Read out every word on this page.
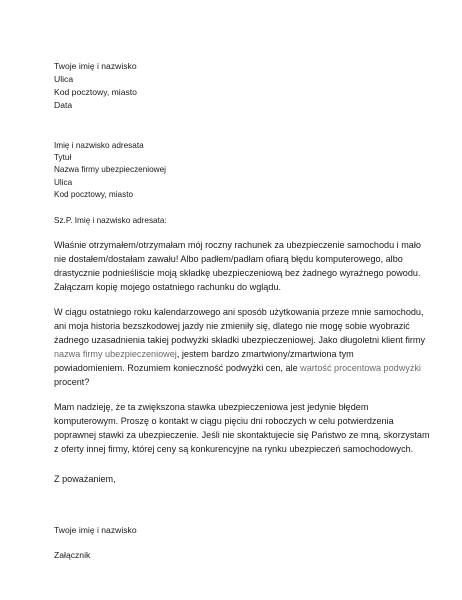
Twoje imię i nazwisko
Ulica
Kod pocztowy, miasto
Data
Imię i nazwisko adresata
Tytuł
Nazwa firmy ubezpieczeniowej
Ulica
Kod pocztowy, miasto
Sz.P. Imię i nazwisko adresata:
Właśnie otrzymałem/otrzymałam mój roczny rachunek za ubezpieczenie samochodu i mało
nie dostałem/dostałam zawału! Albo padłem/padłam ofiarą błędu komputerowego, albo
drastycznie podnieśliście moją składkę ubezpieczeniową bez żadnego wyraźnego powodu.
Załączam kopię mojego ostatniego rachunku do wglądu.
W ciągu ostatniego roku kalendarzowego ani sposób użytkowania przeze mnie samochodu,
ani moja historia bezszkodowej jazdy nie zmieniły się, dlatego nie mogę sobie wyobrazić
żadnego uzasadnienia takiej podwyżki składki ubezpieczeniowej. Jako długoletni klient firmy
nazwa firmy ubezpieczeniowej, jestem bardzo zmartwiony/zmartwiona tym
powiadomieniem. Rozumiem konieczność podwyżki cen, ale wartość procentowa podwyżki
procent?
Mam nadzieję, że ta zwiększona stawka ubezpieczeniowa jest jedynie błędem
komputerowym. Proszę o kontakt w ciągu pięciu dni roboczych w celu potwierdzenia
poprawnej stawki za ubezpieczenie. Jeśli nie skontaktujecie się Państwo ze mną, skorzystam
z oferty innej firmy, której ceny są konkurencyjne na rynku ubezpieczeń samochodowych.
Z poważaniem,
Twoje imię i nazwisko
Załącznik
